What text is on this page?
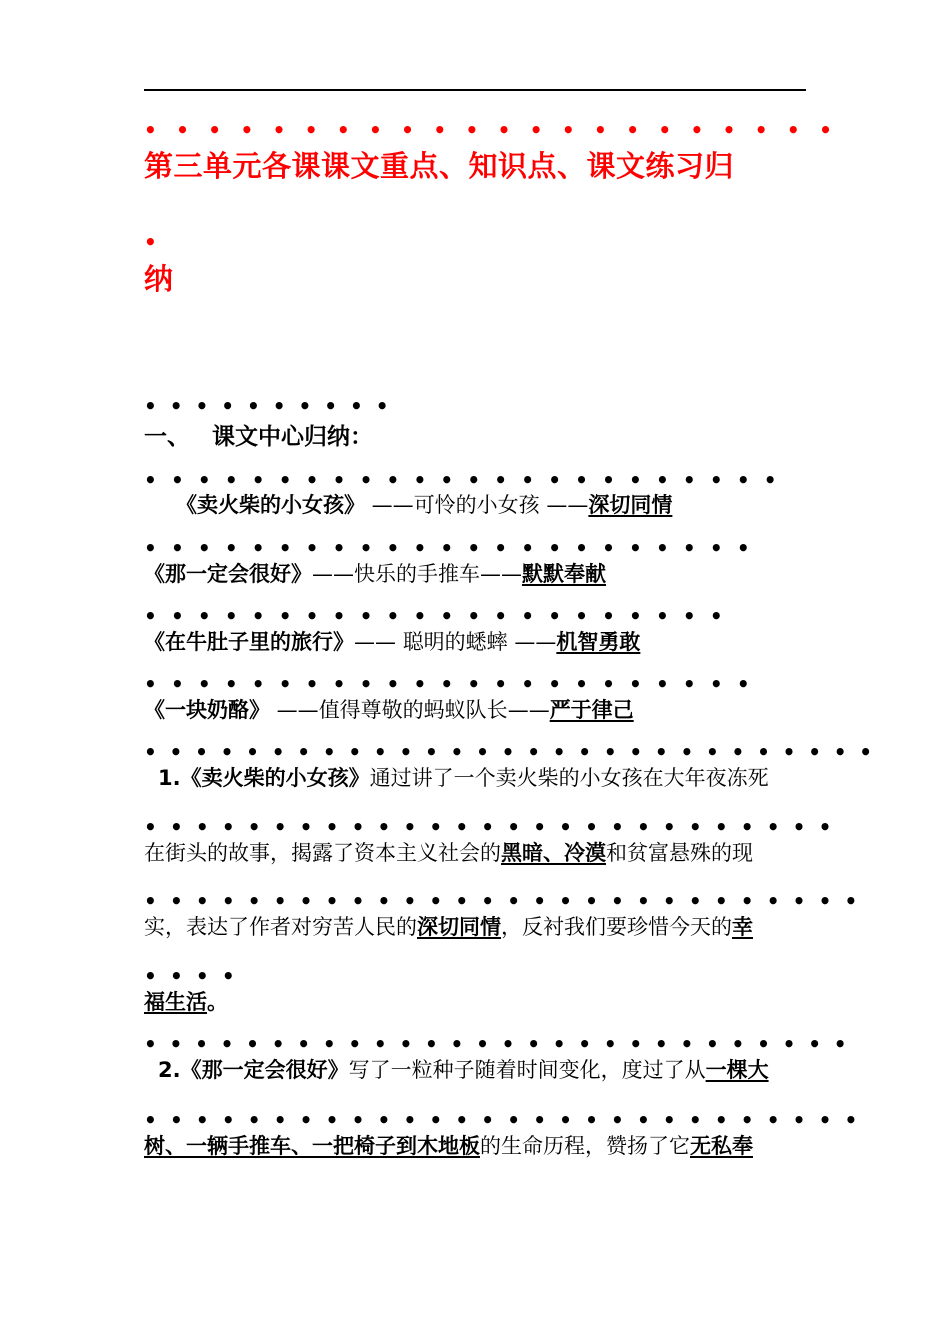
• • • • • • • • • • • • • • • • • • • • • •
第三单元各课课文重点、知识点、课文练习归
•
纳
• • • • • • • • • •
一、 课文中心归纳：
• • • • • • • • • • • • • • • • • • • • • • • •
《卖火柴的小女孩》 ——可怜的小女孩 ——深切同情
• • • • • • • • • • • • • • • • • • • • • • •
《那一定会很好》——快乐的手推车——默默奉献
• • • • • • • • • • • • • • • • • • • • • •
《在牛肚子里的旅行》—— 聪明的蟋蟀 ——机智勇敢
• • • • • • • • • • • • • • • • • • • • • • •
《一块奶酪》 ——值得尊敬的蚂蚁队长——严于律己
• • • • • • • • • • • • • • • • • • • • • • • • • • • • •
1.《卖火柴的小女孩》通过讲了一个卖火柴的小女孩在大年夜冻死
• • • • • • • • • • • • • • • • • • • • • • • • • • •
在街头的故事，揭露了资本主义社会的黑暗、冷漠和贫富悬殊的现
• • • • • • • • • • • • • • • • • • • • • • • • • • • •
实，表达了作者对穷苦人民的深切同情，反衬我们要珍惜今天的幸
• • • •
福生活。
• • • • • • • • • • • • • • • • • • • • • • • • • • • •
2.《那一定会很好》写了一粒种子随着时间变化，度过了从一棵大
• • • • • • • • • • • • • • • • • • • • • • • • • • • •
树、一辆手推车、一把椅子到木地板的生命历程，赞扬了它无私奉
